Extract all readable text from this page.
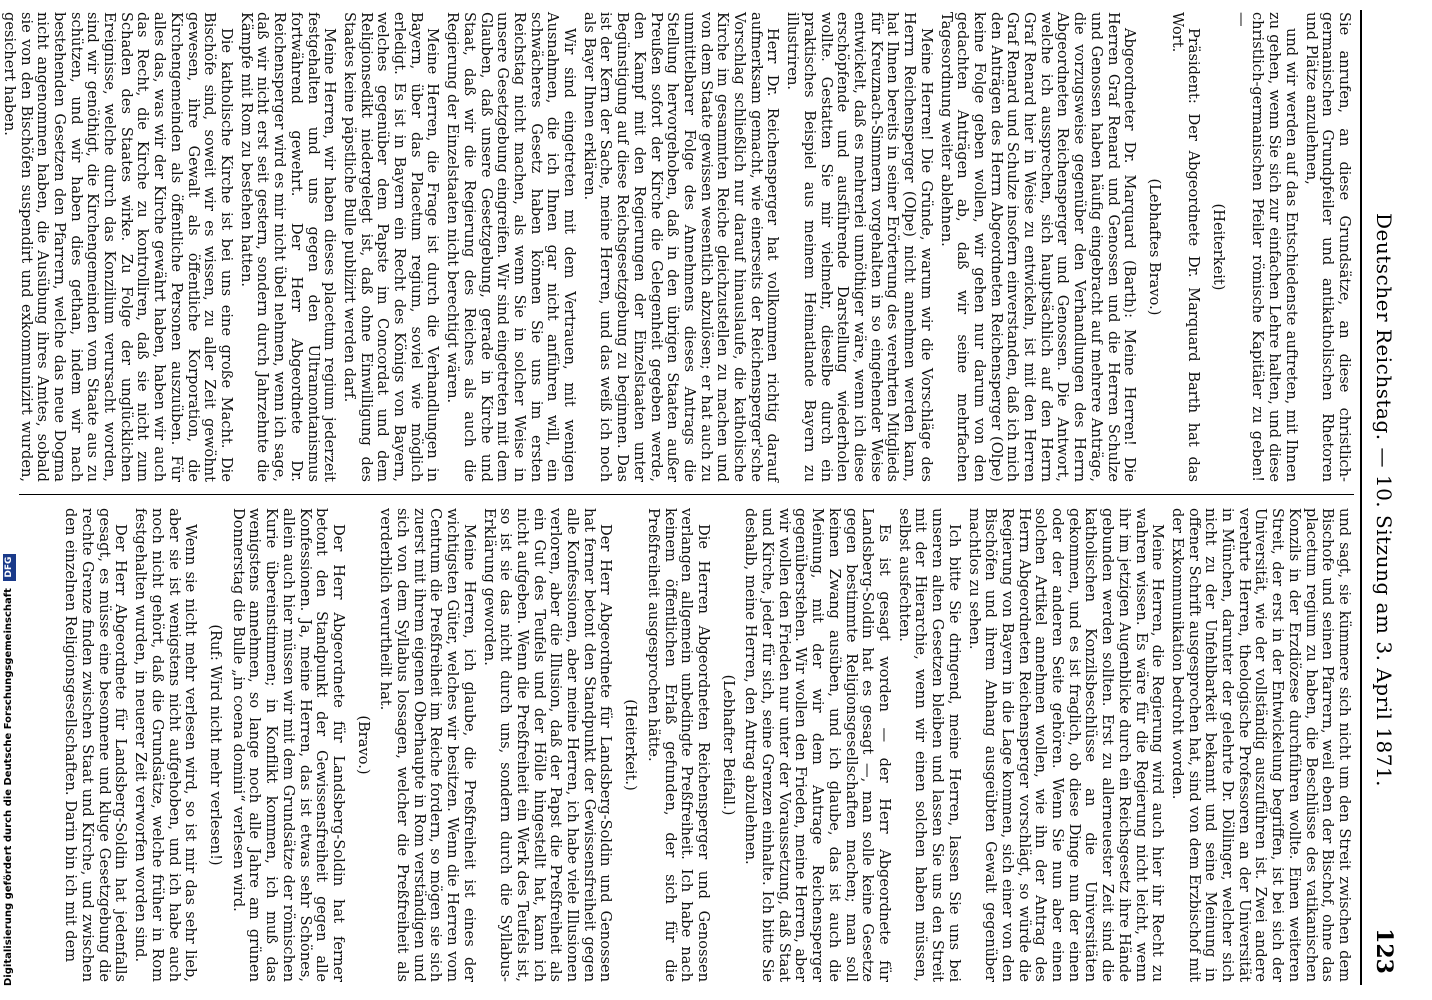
Deutscher Reichstag. — 10. Sitzung am 3. April 1871.
123

Sie anrufen, an diese Grundsätze, an diese christlich-germanischen Grundpfeiler und antikatholischen Rhetoren und Plätze anzulehnen,

und wir werden auf das Entschiedenste auftreten, mit Ihnen zu gehen, wenn Sie sich zur einfachen Lehre halten, und diese christlich-germanischen Pfeiler römische Kapitäler zu geben! —

(Heiterkeit)

Präsident: Der Abgeordnete Dr. Marquard Barth hat das Wort.

(Lebhaftes Bravo.)

Abgeordneter Dr. Marquard (Barth): Meine Herren! Die Herren Graf Renard und Genossen und die Herren Schulze und Genossen haben häufig eingebracht auf mehrere Anträge, die vorzugsweise gegenüber den Verhandlungen des Herrn Abgeordneten Reichensperger und Genossen. Die Antwort, welche ich aussprechen, sich hauptsächlich auf den Herrn Graf Renard hier in Weise zu entwickeln, ist mit den Herren Graf Renard und Schulze insofern einverstanden, daß ich mich den Anträgen des Herrn Abgeordneten Reichensperger (Olpe) keine Folge geben wollen, wir gehen nur darum von den gedachten Anträgen ab, daß wir seine mehrfachen Tagesordnung weiter ablehnen.

Meine Herren! Die Gründe, warum wir die Vorschläge des Herrn Reichensperger (Olpe) nicht annehmen werden kann, hat Ihnen bereits in seiner Erörterung des verehrten Mitglieds für Kreuznach-Simmern vorgehalten in so eingehender Weise entwickelt, daß es mehrerlei unnöthiger wäre, wenn ich diese erschöpfende und ausführende Darstellung wiederholen wollte. Gestatten Sie mir vielmehr, dieselbe durch ein praktisches Beispiel aus meinem Heimatlande Bayern zu illustriren.

Herr Dr. Reichensperger hat vollkommen richtig darauf aufmerksam gemacht, wie einerseits der Reichensperger'sche Vorschlag schließlich nur darauf hinauslaufe, die katholische Kirche im gesammten Reiche gleichzustellen zu machen und von dem Staate gewissen wesentlich abzulösen; er hat auch zu unmittelbarer Folge des Annehmens dieses Antrags die Stellung hervorgehoben, daß in den übrigen Staaten außer Preußen sofort der Kirche die Gelegenheit gegeben werde, den Kampf mit den Regierungen der Einzelstaaten unter Begünstigung auf diese Reichsgesetzgebung zu beginnen. Das ist der Kern der Sache, meine Herren, und das weiß ich noch als Bayer Ihnen erklären.

Wir sind eingetreten mit dem Vertrauen, mit wenigen Ausnahmen, die ich Ihnen gar nicht anführen will, ein schwächeres Gesetz haben können Sie uns im ersten Reichstag nicht machen, als wenn Sie in solcher Weise in unsere Gesetzgebung eingreifen. Wir sind eingetreten mit dem Glauben, daß unsere Gesetzgebung, gerade in Kirche und Staat, daß wir die Regierung des Reiches als auch die Regierung der Einzelstaaten nicht berechtigt wären.

Meine Herren, die Frage ist durch die Verhandlungen in Bayern, über das Placetum regium, soviel wie möglich erledigt. Es ist in Bayern ein Recht des Königs von Bayern, welches gegenüber dem Papste im Concordat und dem Religionsedikt niedergelegt ist, daß ohne Einwilligung des Staates keine päpstliche Bulle publizirt werden darf.

Meine Herren, wir haben dieses placetum regium jederzeit festgehalten und uns gegen den Ultramontanismus fortwährend gewehrt. Der Herr Abgeordnete Dr. Reichensperger wird es mir nicht übel nehmen, wenn ich sage, daß wir nicht erst seit gestern, sondern durch Jahrzehnte die Kämpfe mit Rom zu bestehen hatten.

Die katholische Kirche ist bei uns eine große Macht. Die Bischöfe sind, soweit wir es wissen, zu aller Zeit gewöhnt gewesen, ihre Gewalt als öffentliche Korporation, die Kirchengemeinden als öffentliche Personen auszuüben. Für alles das, was wir der Kirche gewährt haben, haben wir auch das Recht, die Kirche zu kontrolliren, daß sie nicht zum Schaden des Staates wirke. Zu Folge der unglücklichen Ereignisse, welche durch das Konzilium verursacht worden, sind wir genöthigt, die Kirchengemeinden vom Staate aus zu schützen, und wir haben dies gethan, indem wir nach bestehenden Gesetzen den Pfarrern, welche das neue Dogma nicht angenommen haben, die Ausübung ihres Amtes, sobald sie von den Bischöfen suspendirt und exkommunizirt wurden, gesichert haben.

und sagt, sie kümmere sich nicht um den Streit zwischen dem Bischofe und seinen Pfarrern, weil eben der Bischof, ohne das placetum regium zu haben, die Beschlüsse des vatikanischen Konzils in der Erzdiözese durchführen wollte. Einen weiteren Streit, der erst in der Entwickelung begriffen, ist bei sich der Universität, wie der vollständig auszuführen ist. Zwei andere verehrte Herren, theologische Professoren an der Universität in München, darunter der gelehrte Dr. Döllinger, welcher sich nicht zu der Unfehlbarkeit bekannt und seine Meinung in offener Schrift ausgesprochen hat, sind von dem Erzbischof mit der Exkommunikation bedroht worden.

Meine Herren, die Regierung wird auch hier ihr Recht zu wahren wissen. Es wäre für die Regierung nicht leicht, wenn ihr im jetzigen Augenblicke durch ein Reichsgesetz ihre Hände gebunden werden sollten. Erst zu allerneuester Zeit sind die katholischen Konzilsbeschlüsse an die Universitäten gekommen, und es ist fraglich, ob diese Dinge nun der einen oder der anderen Seite gehören. Wenn Sie nun aber einen solchen Artikel annehmen wollen, wie ihn der Antrag des Herrn Abgeordneten Reichensperger vorschlägt, so würde die Regierung von Bayern in die Lage kommen, sich einer von den Bischöfen und ihrem Anhang ausgeübten Gewalt gegenüber machtlos zu sehen.

Ich bitte Sie dringend, meine Herren, lassen Sie uns bei unseren alten Gesetzen bleiben und lassen Sie uns den Streit mit der Hierarchie, wenn wir einen solchen haben müssen, selbst ausfechten.

Es ist gesagt worden — der Herr Abgeordnete für Landsberg-Soldin hat es gesagt —, man solle keine Gesetze gegen bestimmte Religionsgesellschaften machen; man soll keinen Zwang ausüben, und ich glaube, das ist auch die Meinung, mit der wir dem Antrage Reichensperger gegenüberstehen. Wir wollen den Frieden, meine Herren, aber wir wollen den Frieden nur unter der Voraussetzung, daß Staat und Kirche, jeder für sich, seine Grenzen einhalte. Ich bitte Sie deshalb, meine Herren, den Antrag abzulehnen.

(Lebhafter Beifall.)

Die Herren Abgeordneten Reichensperger und Genossen verlangen allgemein unbedingte Preßfreiheit. Ich habe nach keinem öffentlichen Erlaß gefunden, der sich für die Preßfreiheit ausgesprochen hätte.

(Heiterkeit.)

Der Herr Abgeordnete für Landsberg-Soldin und Genossen hat ferner betont den Standpunkt der Gewissensfreiheit gegen alle Konfessionen, aber meine Herren, ich habe viele Illusionen verloren, aber die Illusion, daß der Papst die Preßfreiheit als ein Gut des Teufels und der Hölle hingestellt hat, kann ich nicht aufgeben. Wenn die Preßfreiheit ein Werk des Teufels ist, so ist sie das nicht durch uns, sondern durch die Syllabus-Erklärung geworden.

Meine Herren, ich glaube, die Preßfreiheit ist eines der wichtigsten Güter, welches wir besitzen. Wenn die Herren vom Centrum die Preßfreiheit im Reiche fordern, so mögen sie sich zuerst mit ihrem eigenen Oberhaupte in Rom verständigen und sich von dem Syllabus lossagen, welcher die Preßfreiheit als verderblich verurtheilt hat.

(Bravo.)

Der Herr Abgeordnete für Landsberg-Soldin hat ferner betont den Standpunkt der Gewissensfreiheit gegen alle Konfessionen. Ja, meine Herren, das ist etwas sehr Schönes, allein auch hier müssen wir mit dem Grundsätze der römischen Kurie übereinstimmen; in Konflikt kommen, ich muß das wenigstens annehmen, so lange noch alle Jahre am grünen Donnerstag die Bulle „in coena domini“ verlesen wird.

(Ruf: Wird nicht mehr verlesen!)

Wenn sie nicht mehr verlesen wird, so ist mir das sehr lieb, aber sie ist wenigstens nicht aufgehoben, und ich habe auch noch nicht gehört, daß die Grundsätze, welche früher in Rom festgehalten wurden, in neuerer Zeit verworfen worden sind.

Der Herr Abgeordnete für Landsberg-Soldin hat jedenfalls gesagt, es müsse eine besonnene und kluge Gesetzgebung die rechte Grenze finden zwischen Staat und Kirche, und zwischen den einzelnen Religionsgesellschaften. Darin bin ich mit dem

Digitalisierung gefördert durch die Deutsche Forschungsgemeinschaft DFG
